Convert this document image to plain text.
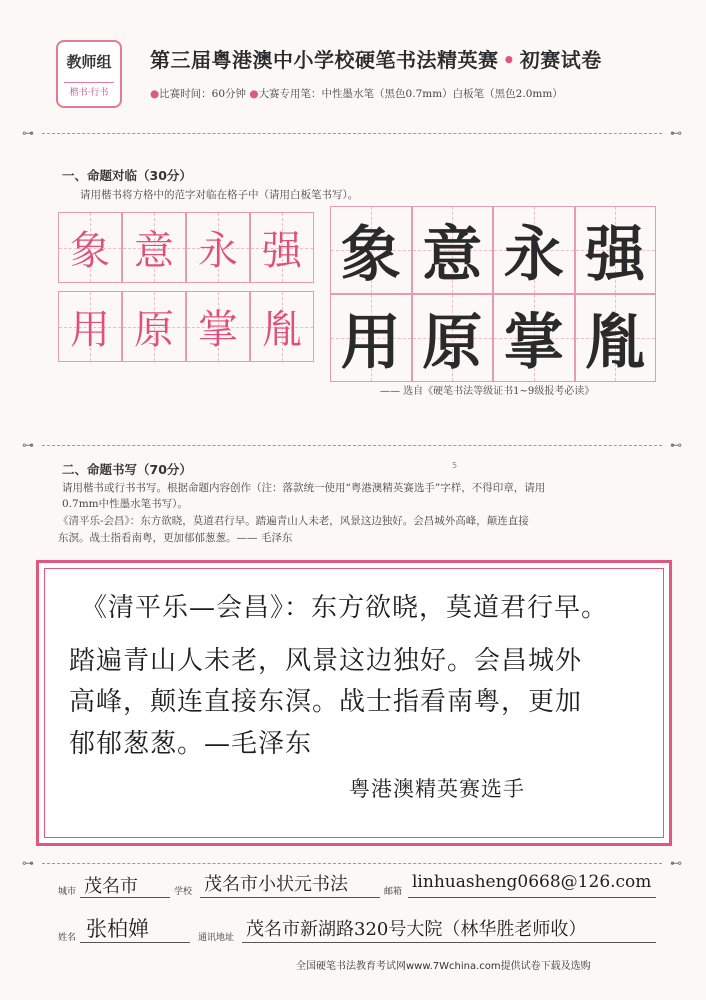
教师组
楷书·行书
第三届粤港澳中小学校硬笔书法精英赛 • 初赛试卷
●比赛时间：60分钟 ●大赛专用笔：中性墨水笔（黑色0.7mm）白板笔（黑色2.0mm）
⊶	⊷
一、命题对临（30分）
请用楷书将方格中的范字对临在格子中（请用白板笔书写）。
象 意 永 强
用 原 掌 胤
象 意 永 强
用 原 掌 胤
—— 选自《硬笔书法等级证书1~9级报考必读》
⊶	⊷
5
二、命题书写（70分）
请用楷书或行书书写。根据命题内容创作（注：落款统一使用“粤港澳精英赛选手”字样，不得印章，请用
0.7mm中性墨水笔书写）。
《清平乐-会昌》：东方欲晓，莫道君行早。踏遍青山人未老，风景这边独好。会昌城外高峰，颠连直接
东溟。战士指看南粤，更加郁郁葱葱。—— 毛泽东
《清平乐—会昌》：东方欲晓，莫道君行早。
踏遍青山人未老，风景这边独好。会昌城外
高峰，颠连直接东溟。战士指看南粤，更加
郁郁葱葱。—毛泽东
粤港澳精英赛选手
⊶	⊷
城市 茂名市	学校 茂名市小状元书法	邮箱 linhuasheng0668@126.com
姓名 张柏婵	通讯地址 茂名市新湖路320号大院（林华胜老师收）
全国硬笔书法教育考试网www.7Wchina.com提供试卷下载及选购
